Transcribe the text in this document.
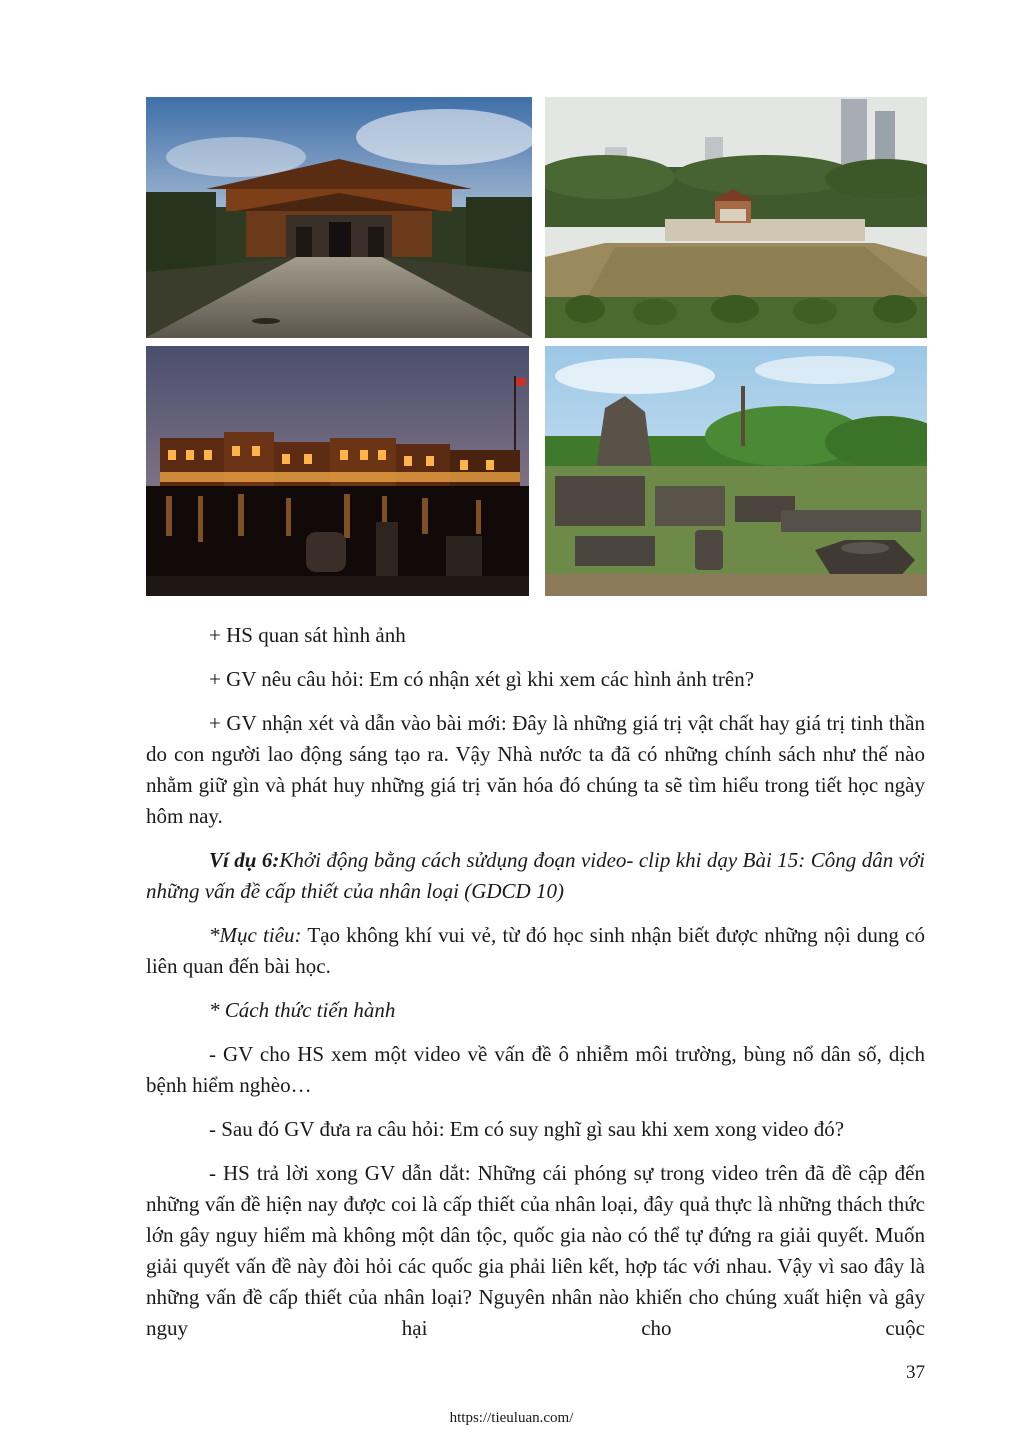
+ HS quan sát hình ảnh

+ GV nêu câu hỏi: Em có nhận xét gì khi xem các hình ảnh trên?

+ GV nhận xét và dẫn vào bài mới: Đây là những giá trị vật chất hay giá trị tinh thần do con người lao động sáng tạo ra. Vậy Nhà nước ta đã có những chính sách như thế nào nhằm giữ gìn và phát huy những giá trị văn hóa đó chúng ta sẽ tìm hiểu trong tiết học ngày hôm nay.

Ví dụ 6:Khởi động bằng cách sửdụng đoạn video- clip khi dạy Bài 15: Công dân với những vấn đề cấp thiết của nhân loại (GDCD 10)

*Mục tiêu: Tạo không khí vui vẻ, từ đó học sinh nhận biết được những nội dung có liên quan đến bài học.

* Cách thức tiến hành

- GV cho HS xem một video về vấn đề ô nhiễm môi trường, bùng nổ dân số, dịch bệnh hiểm nghèo…

- Sau đó GV đưa ra câu hỏi: Em có suy nghĩ gì sau khi xem xong video đó?

- HS trả lời xong GV dẫn dắt: Những cái phóng sự trong video trên đã đề cập đến những vấn đề hiện nay được coi là cấp thiết của nhân loại, đây quả thực là những thách thức lớn gây nguy hiểm mà không một dân tộc, quốc gia nào có thể tự đứng ra giải quyết. Muốn giải quyết vấn đề này đòi hỏi các quốc gia phải liên kết, hợp tác với nhau. Vậy vì sao đây là những vấn đề cấp thiết của nhân loại? Nguyên nhân nào khiến cho chúng xuất hiện và gây nguy hại cho cuộc

37
https://tieuluan.com/
